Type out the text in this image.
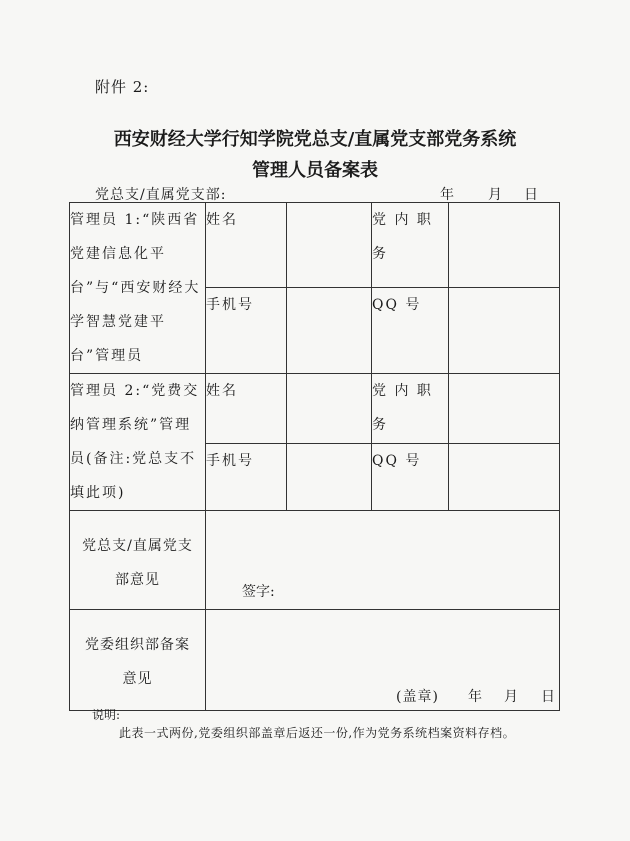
附件 2:
西安财经大学行知学院党总支/直属党支部党务系统
管理人员备案表
党总支/直属党支部:	年 月 日
管理员 1:“陕西省党建信息化平台”与“西安财经大学智慧党建平台”管理员	姓名		党 内 职 务	
	手机号		QQ 号	

管理员 2:“党费交纳管理系统”管理员(备注:党总支不填此项)	姓名		党 内 职 务	
	手机号		QQ 号	

党总支/直属党支部意见	签字:			

党委组织部备案意见	(盖章) 年 月 日			
说明:
此表一式两份,党委组织部盖章后返还一份,作为党务系统档案资料存档。
